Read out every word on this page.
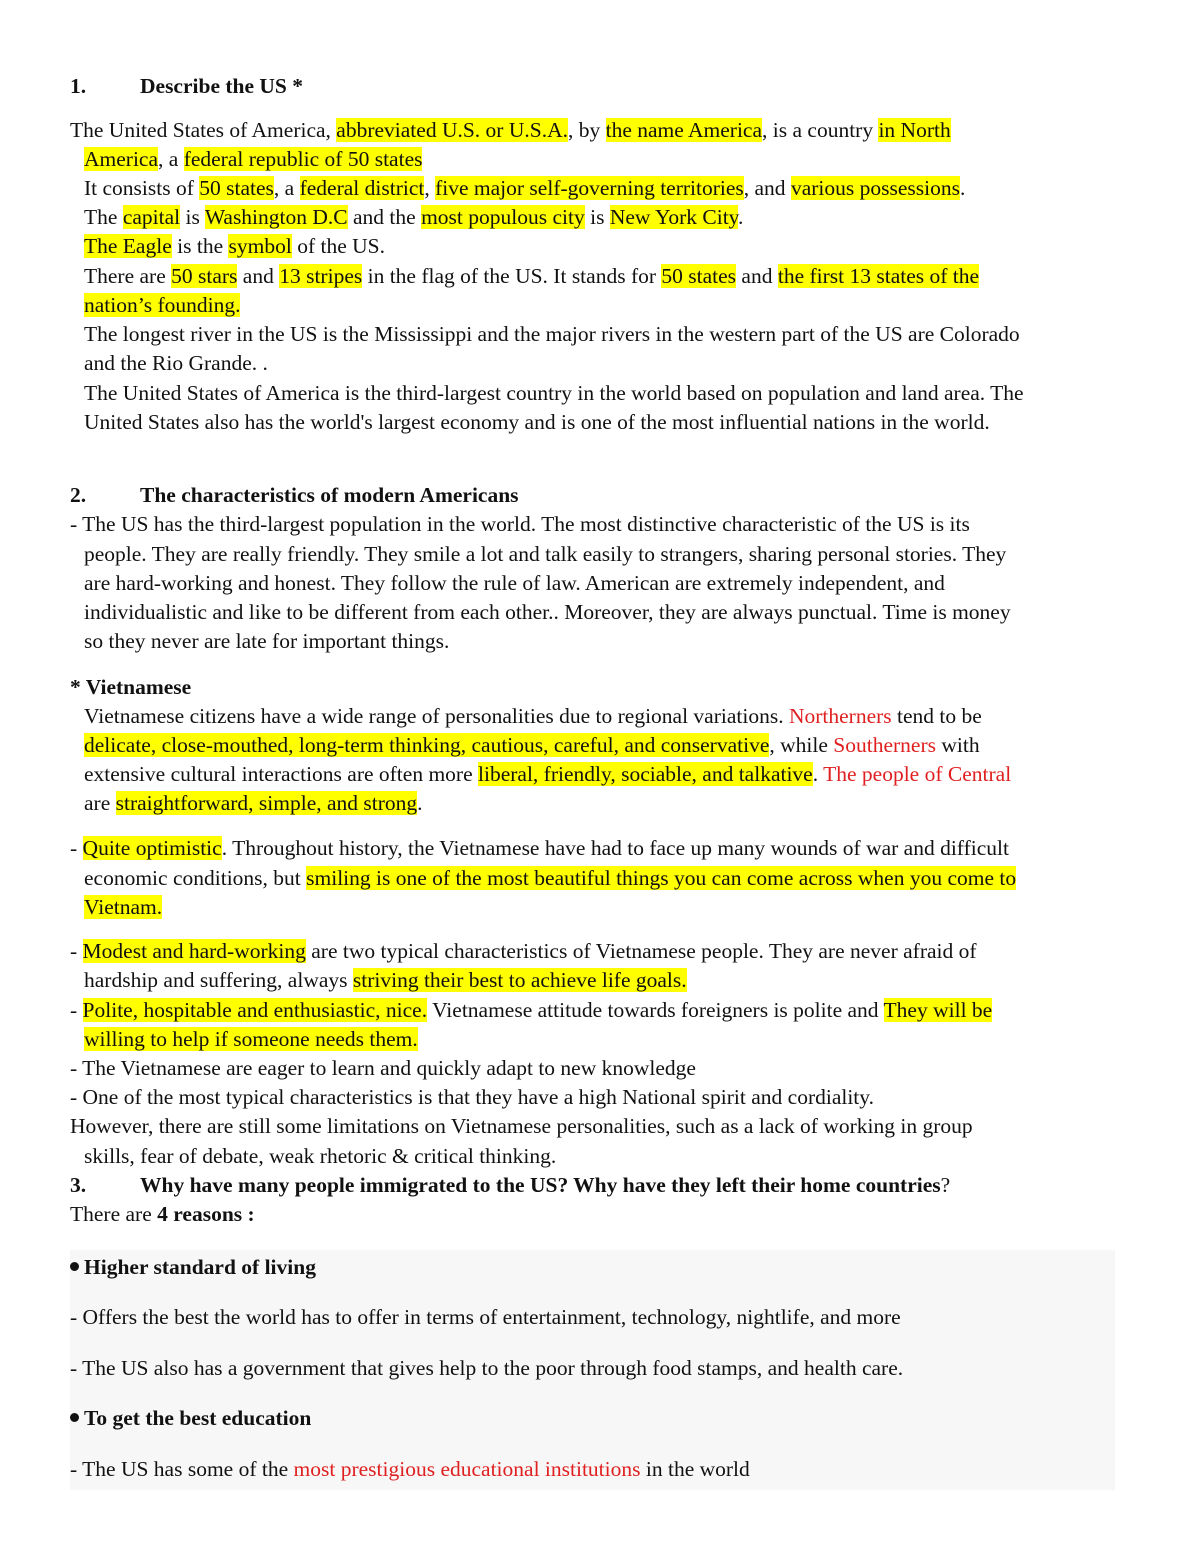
1.	Describe the US *
The United States of America, abbreviated U.S. or U.S.A., by the name America, is a country in North
America, a federal republic of 50 states
It consists of 50 states, a federal district, five major self-governing territories, and various possessions.
The capital is Washington D.C and the most populous city is New York City.
The Eagle is the symbol of the US.
There are 50 stars and 13 stripes in the flag of the US. It stands for 50 states and the first 13 states of the
nation’s founding.
The longest river in the US is the Mississippi and the major rivers in the western part of the US are Colorado
and the Rio Grande. .
The United States of America is the third-largest country in the world based on population and land area. The
United States also has the world's largest economy and is one of the most influential nations in the world.
2.	The characteristics of modern Americans
- The US has the third-largest population in the world. The most distinctive characteristic of the US is its
people. They are really friendly. They smile a lot and talk easily to strangers, sharing personal stories. They
are hard-working and honest. They follow the rule of law. American are extremely independent, and
individualistic and like to be different from each other.. Moreover, they are always punctual. Time is money
so they never are late for important things.
* Vietnamese
Vietnamese citizens have a wide range of personalities due to regional variations. Northerners tend to be
delicate, close-mouthed, long-term thinking, cautious, careful, and conservative, while Southerners with
extensive cultural interactions are often more liberal, friendly, sociable, and talkative. The people of Central
are straightforward, simple, and strong.
- Quite optimistic. Throughout history, the Vietnamese have had to face up many wounds of war and difficult
economic conditions, but smiling is one of the most beautiful things you can come across when you come to
Vietnam.
- Modest and hard-working are two typical characteristics of Vietnamese people. They are never afraid of
hardship and suffering, always striving their best to achieve life goals.
- Polite, hospitable and enthusiastic, nice. Vietnamese attitude towards foreigners is polite and They will be
willing to help if someone needs them.
- The Vietnamese are eager to learn and quickly adapt to new knowledge
- One of the most typical characteristics is that they have a high National spirit and cordiality.
However, there are still some limitations on Vietnamese personalities, such as a lack of working in group
skills, fear of debate, weak rhetoric & critical thinking.
3.	Why have many people immigrated to the US? Why have they left their home countries?
There are 4 reasons :
Higher standard of living
- Offers the best the world has to offer in terms of entertainment, technology, nightlife, and more
- The US also has a government that gives help to the poor through food stamps, and health care.
To get the best education
- The US has some of the most prestigious educational institutions in the world
